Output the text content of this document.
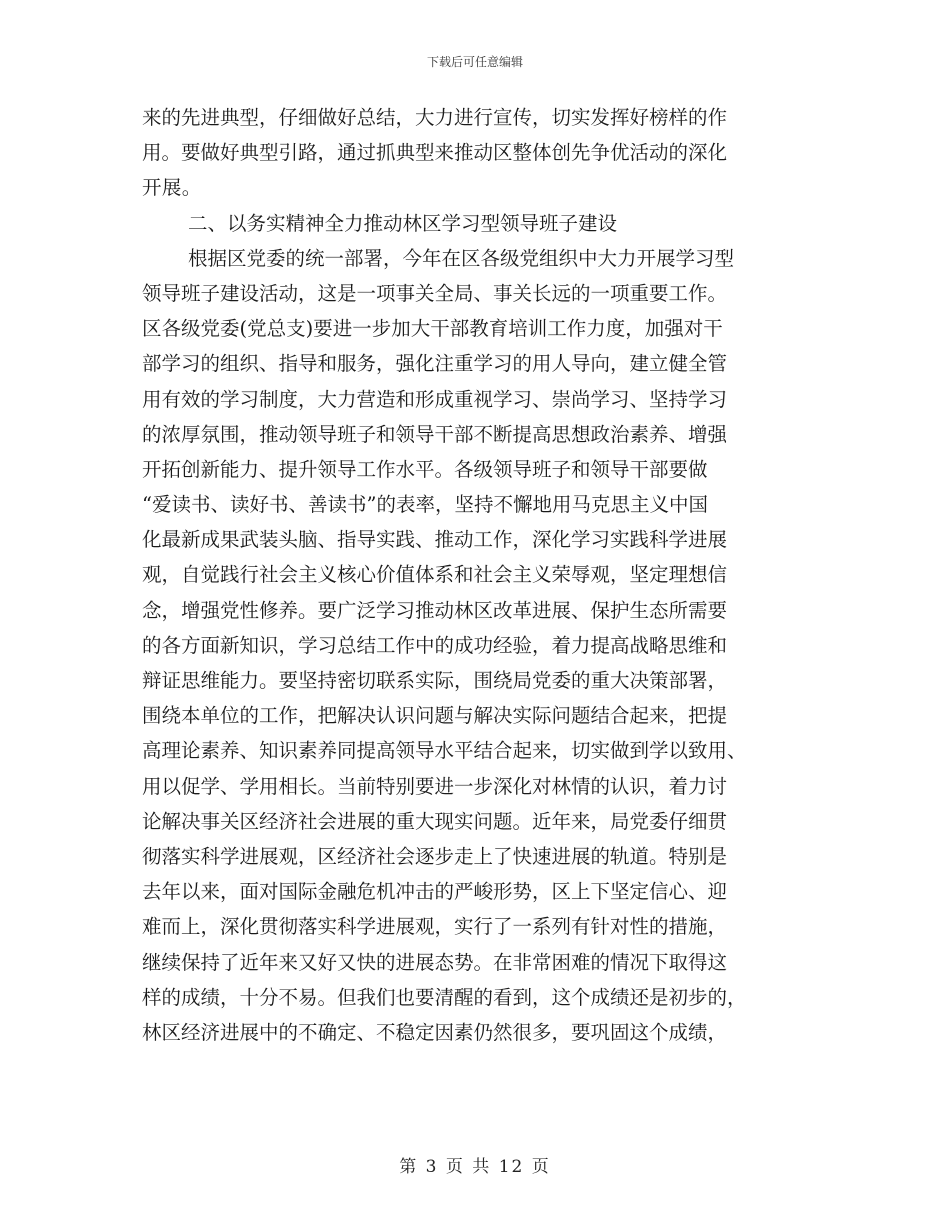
下载后可任意编辑
来的先进典型，仔细做好总结，大力进行宣传，切实发挥好榜样的作
用。要做好典型引路，通过抓典型来推动区整体创先争优活动的深化
开展。
二、以务实精神全力推动林区学习型领导班子建设
根据区党委的统一部署，今年在区各级党组织中大力开展学习型
领导班子建设活动，这是一项事关全局、事关长远的一项重要工作。
区各级党委(党总支)要进一步加大干部教育培训工作力度，加强对干
部学习的组织、指导和服务，强化注重学习的用人导向，建立健全管
用有效的学习制度，大力营造和形成重视学习、崇尚学习、坚持学习
的浓厚氛围，推动领导班子和领导干部不断提高思想政治素养、增强
开拓创新能力、提升领导工作水平。各级领导班子和领导干部要做
“爱读书、读好书、善读书”的表率，坚持不懈地用马克思主义中国
化最新成果武装头脑、指导实践、推动工作，深化学习实践科学进展
观，自觉践行社会主义核心价值体系和社会主义荣辱观，坚定理想信
念，增强党性修养。要广泛学习推动林区改革进展、保护生态所需要
的各方面新知识，学习总结工作中的成功经验，着力提高战略思维和
辩证思维能力。要坚持密切联系实际，围绕局党委的重大决策部署，
围绕本单位的工作，把解决认识问题与解决实际问题结合起来，把提
高理论素养、知识素养同提高领导水平结合起来，切实做到学以致用、
用以促学、学用相长。当前特别要进一步深化对林情的认识，着力讨
论解决事关区经济社会进展的重大现实问题。近年来，局党委仔细贯
彻落实科学进展观，区经济社会逐步走上了快速进展的轨道。特别是
去年以来，面对国际金融危机冲击的严峻形势，区上下坚定信心、迎
难而上，深化贯彻落实科学进展观，实行了一系列有针对性的措施，
继续保持了近年来又好又快的进展态势。在非常困难的情况下取得这
样的成绩，十分不易。但我们也要清醒的看到，这个成绩还是初步的，
林区经济进展中的不确定、不稳定因素仍然很多，要巩固这个成绩，
第 3 页 共 12 页
